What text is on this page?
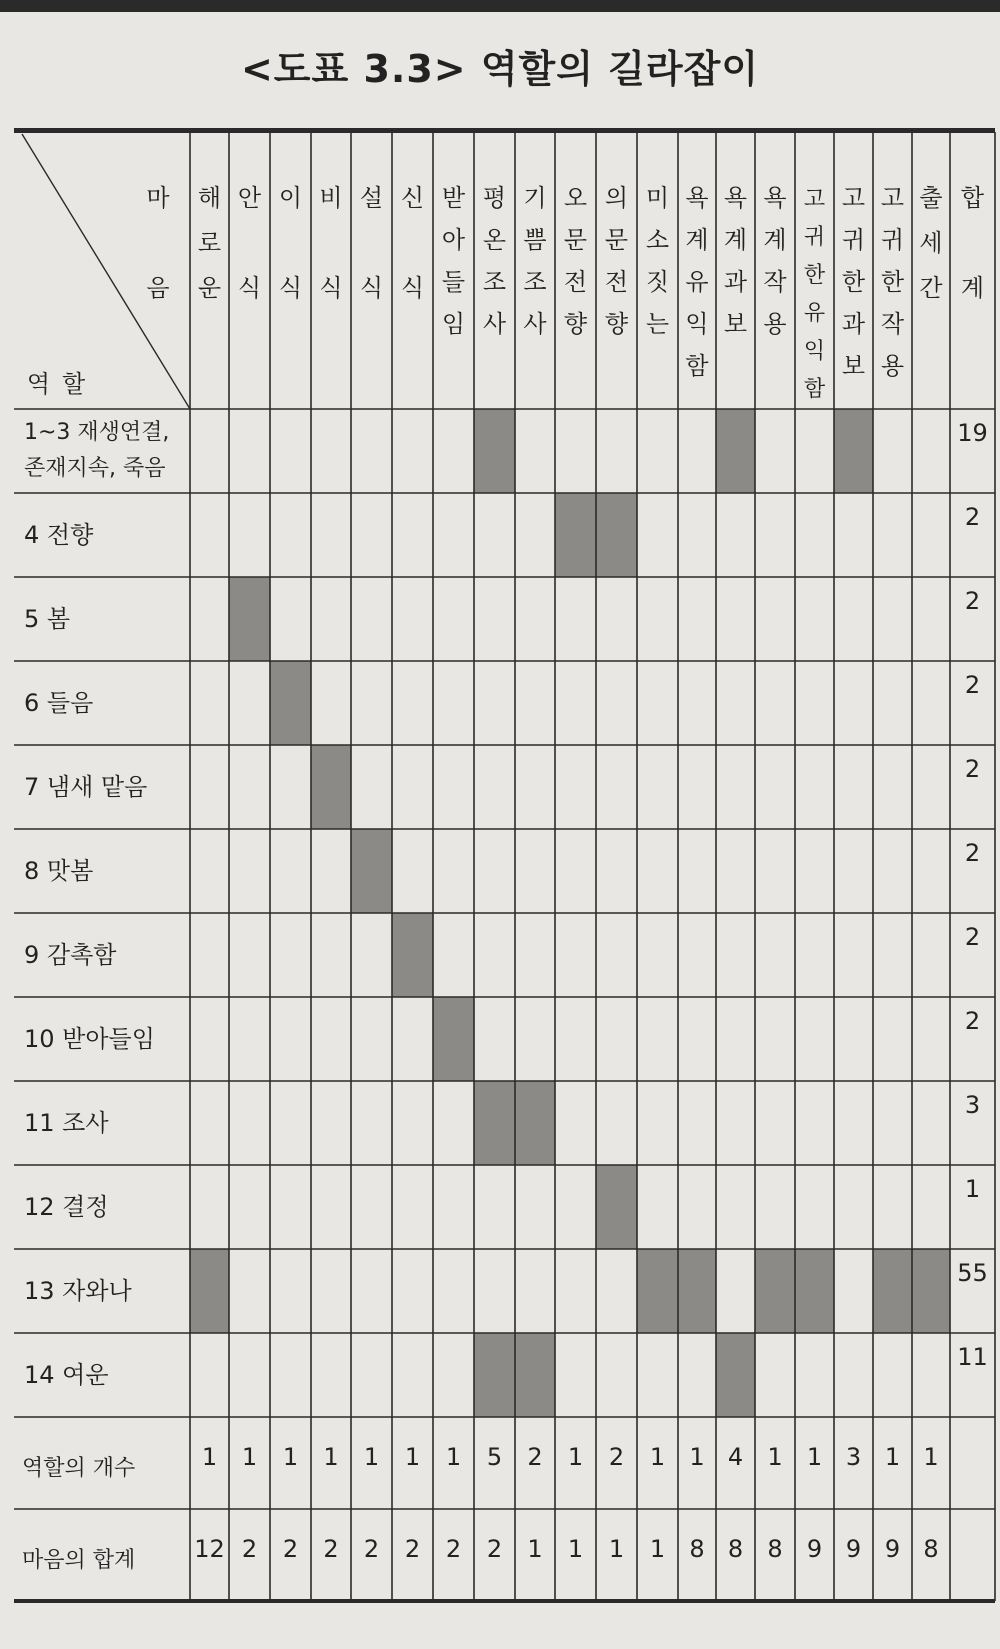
<도표 3.3> 역할의 길라잡이
마
음
역할
해
로
운
안
식
이
식
비
식
설
식
신
식
받
아
들
임
평
온
조
사
기
쁨
조
사
오
문
전
향
의
문
전
향
미
소
짓
는
욕
계
유
익
함
욕
계
과
보
욕
계
작
용
고
귀
한
유
익
함
고
귀
한
과
보
고
귀
한
작
용
출
세
간
합
계
1~3 재생연결,
존재지속, 죽음
19
4 전향
2
5 봄
2
6 들음
2
7 냄새 맡음
2
8 맛봄
2
9 감촉함
2
10 받아들임
2
11 조사
3
12 결정
1
13 자와나
55
14 여운
11
역할의 개수	1 1 1 1 1 1 1 5 2 1 2 1 1 4 1 1 3 1 1
마음의 합계 12 2 2 2 2 2 2 2 1 1 1 1 8 8 8 9 9 9 8
